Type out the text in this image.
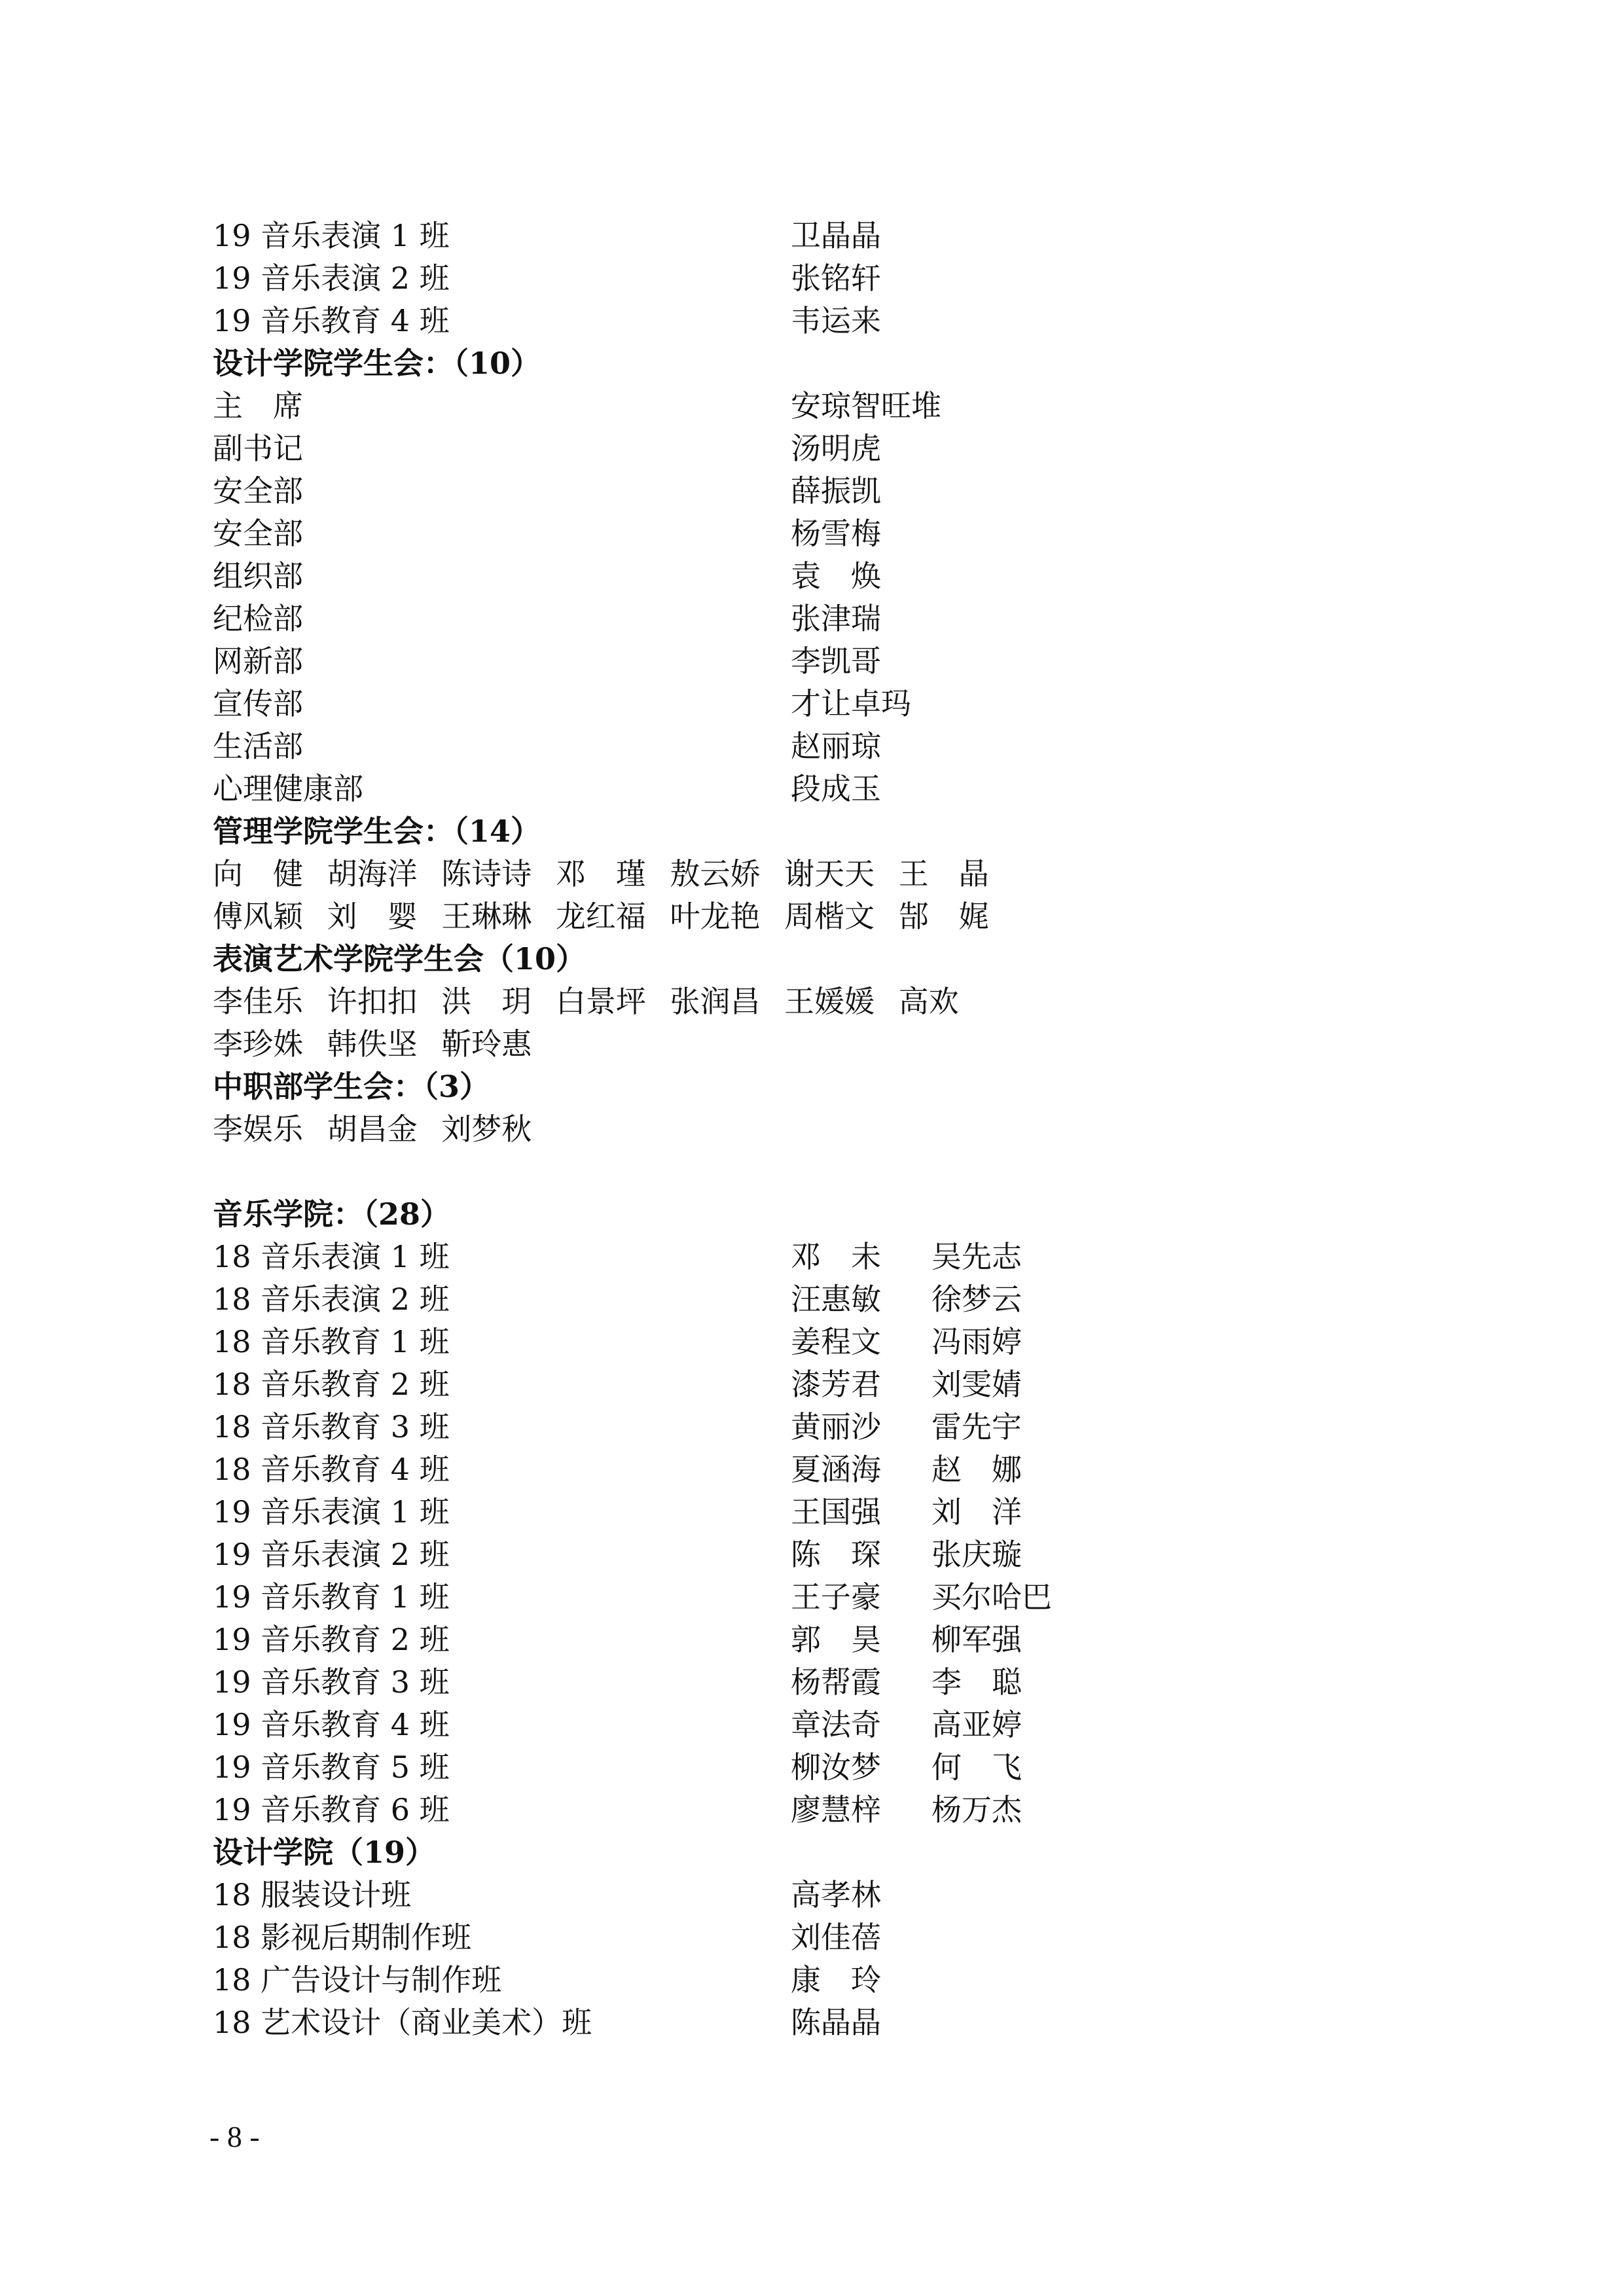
19 音乐表演 1 班	卫晶晶
19 音乐表演 2 班	张铭轩
19 音乐教育 4 班	韦运来
设计学院学生会：（10）
主　席	安琼智旺堆
副书记	汤明虎
安全部	薛振凯
安全部	杨雪梅
组织部	袁　焕
纪检部	张津瑞
网新部	李凯哥
宣传部	才让卓玛
生活部	赵丽琼
心理健康部	段成玉
管理学院学生会：（14）
向　健 胡海洋 陈诗诗 邓　瑾 敖云娇 谢天天 王　晶
傅风颖 刘　婴 王琳琳 龙红福 叶龙艳 周楷文 郜　娓
表演艺术学院学生会（10）
李佳乐 许扣扣 洪　玥 白景坪 张润昌 王媛媛 高欢
李珍姝 韩佚坚 靳玲惠
中职部学生会：（3）
李娱乐 胡昌金 刘梦秋
音乐学院：（28）
18 音乐表演 1 班	邓　未 吴先志
18 音乐表演 2 班	汪惠敏 徐梦云
18 音乐教育 1 班	姜程文 冯雨婷
18 音乐教育 2 班	漆芳君 刘雯婧
18 音乐教育 3 班	黄丽沙 雷先宇
18 音乐教育 4 班	夏涵海 赵　娜
19 音乐表演 1 班	王国强 刘　洋
19 音乐表演 2 班	陈　琛 张庆璇
19 音乐教育 1 班	王子豪 买尔哈巴
19 音乐教育 2 班	郭　昊 柳军强
19 音乐教育 3 班	杨帮霞 李　聪
19 音乐教育 4 班	章法奇 高亚婷
19 音乐教育 5 班	柳汝梦 何　飞
19 音乐教育 6 班	廖慧梓 杨万杰
设计学院（19）
18 服装设计班	高孝林
18 影视后期制作班	刘佳蓓
18 广告设计与制作班	康　玲
18 艺术设计（商业美术）班	陈晶晶
- 8 -
